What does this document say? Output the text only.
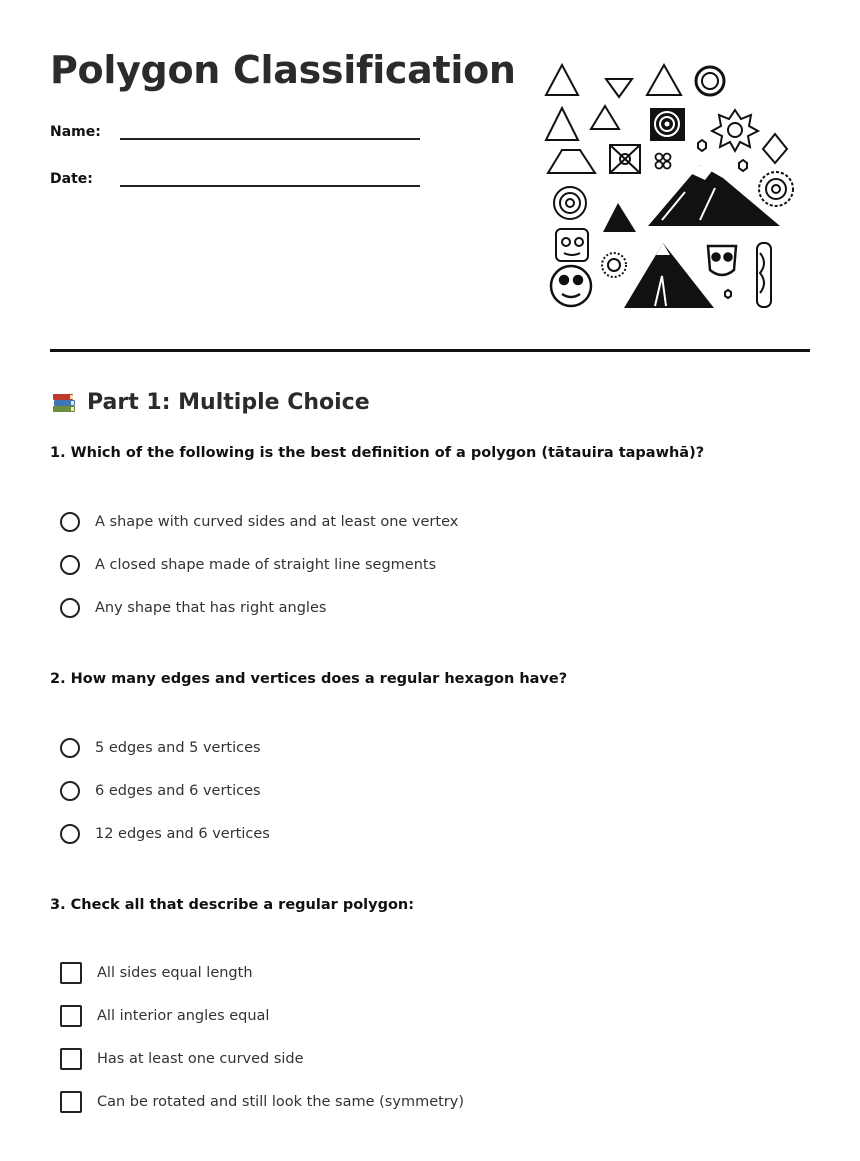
Polygon Classification
Name:
Date:
Part 1: Multiple Choice

1. Which of the following is the best definition of a polygon (tātauira tapawhā)?

A shape with curved sides and at least one vertex
A closed shape made of straight line segments
Any shape that has right angles

2. How many edges and vertices does a regular hexagon have?

5 edges and 5 vertices
6 edges and 6 vertices
12 edges and 6 vertices

3. Check all that describe a regular polygon:

All sides equal length
All interior angles equal
Has at least one curved side
Can be rotated and still look the same (symmetry)
